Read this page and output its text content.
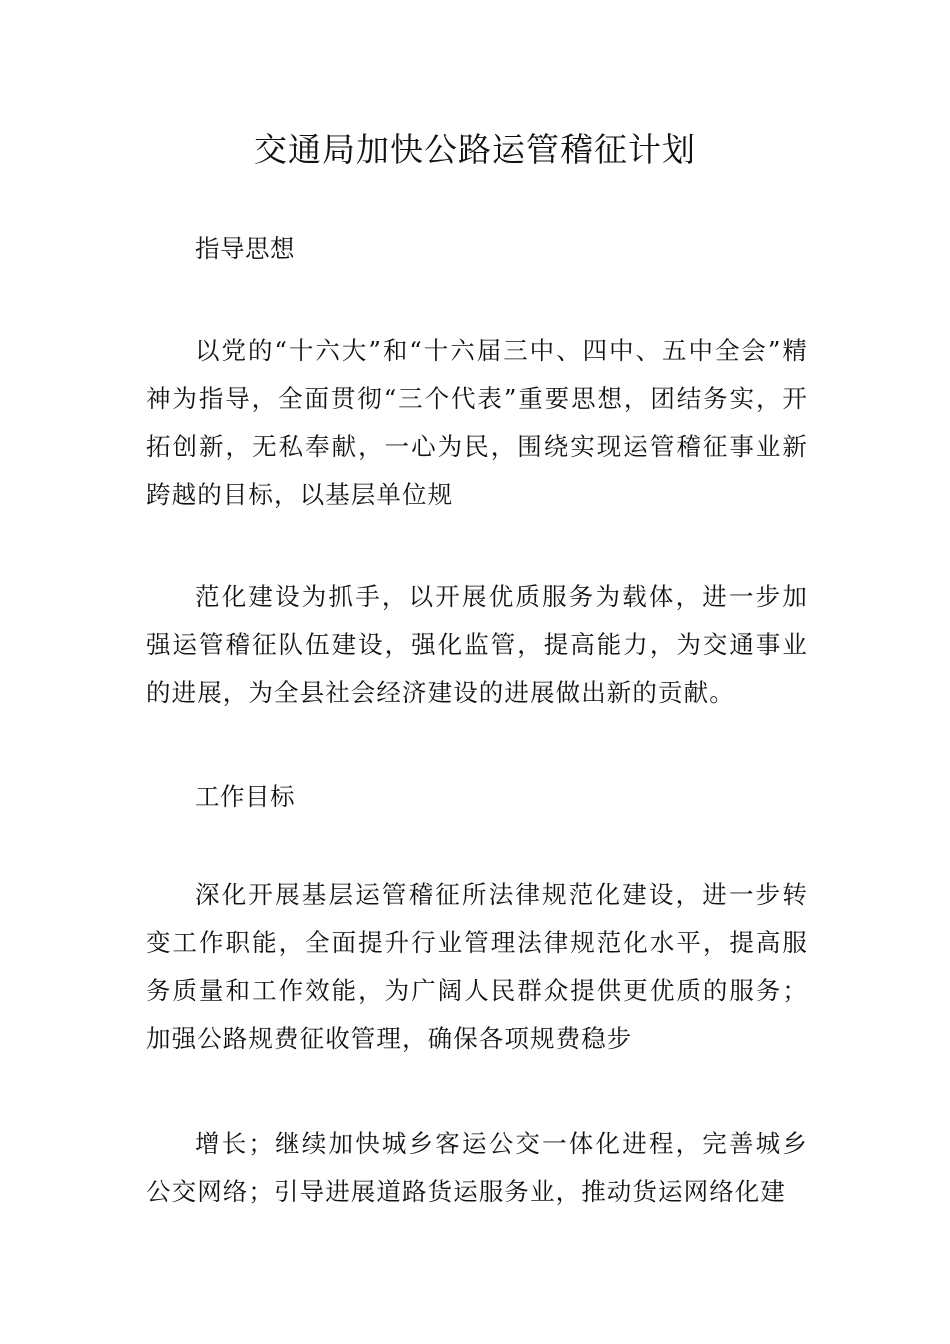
交通局加快公路运管稽征计划

指导思想

以党的“十六大”和“十六届三中、四中、五中全会”精神为指导，全面贯彻“三个代表”重要思想，团结务实，开拓创新，无私奉献，一心为民，围绕实现运管稽征事业新跨越的目标，以基层单位规

范化建设为抓手，以开展优质服务为载体，进一步加强运管稽征队伍建设，强化监管，提高能力，为交通事业的进展，为全县社会经济建设的进展做出新的贡献。

工作目标

深化开展基层运管稽征所法律规范化建设，进一步转变工作职能，全面提升行业管理法律规范化水平，提高服务质量和工作效能，为广阔人民群众提供更优质的服务；加强公路规费征收管理，确保各项规费稳步

增长；继续加快城乡客运公交一体化进程，完善城乡公交网络；引导进展道路货运服务业，推动货运网络化建
